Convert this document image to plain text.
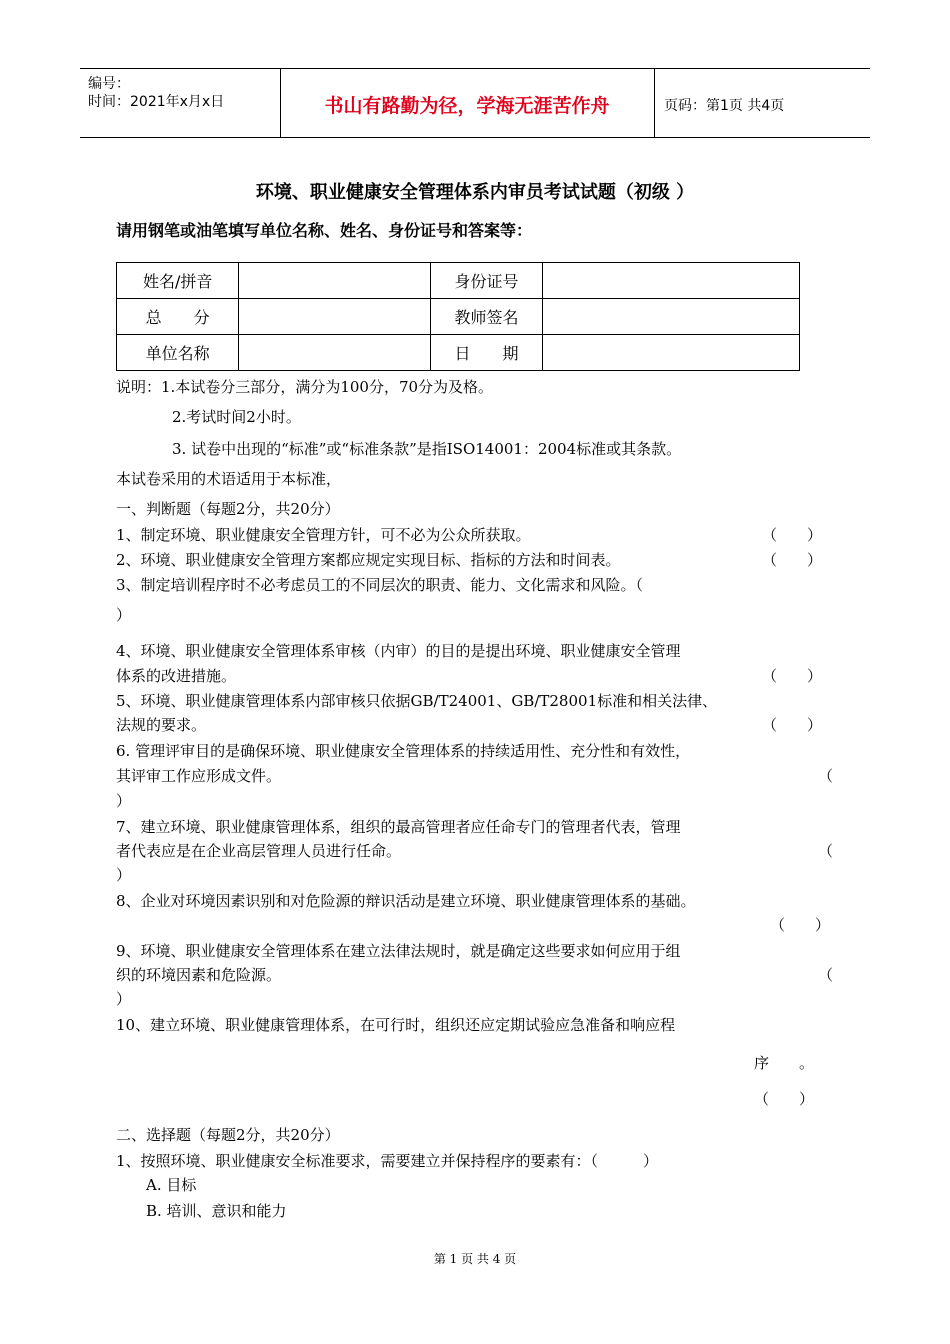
编号：
时间：2021年x月x日	书山有路勤为径，学海无涯苦作舟	页码：第1页 共4页
环境、职业健康安全管理体系内审员考试试题（初级 ）
请用钢笔或油笔填写单位名称、姓名、身份证号和答案等：
姓名/拼音		身份证号	
总　　分		教师签名	
单位名称		日　　期	
说明：1.本试卷分三部分，满分为100分，70分为及格。
2.考试时间2小时。
3. 试卷中出现的“标准”或“标准条款”是指ISO14001：2004标准或其条款。
本试卷采用的术语适用于本标准，
一、判断题（每题2分，共20分）
1、制定环境、职业健康安全管理方针，可不必为公众所获取。	（　　）
2、环境、职业健康安全管理方案都应规定实现目标、指标的方法和时间表。	（　　）
3、制定培训程序时不必考虑员工的不同层次的职责、能力、文化需求和风险。（
）
4、环境、职业健康安全管理体系审核（内审）的目的是提出环境、职业健康安全管理
体系的改进措施。	（　　）
5、环境、职业健康管理体系内部审核只依据GB/T24001、GB/T28001标准和相关法律、
法规的要求。	（　　）
6. 管理评审目的是确保环境、职业健康安全管理体系的持续适用性、充分性和有效性，
其评审工作应形成文件。	（
）
7、建立环境、职业健康管理体系，组织的最高管理者应任命专门的管理者代表，管理
者代表应是在企业高层管理人员进行任命。	（
）
8、企业对环境因素识别和对危险源的辩识活动是建立环境、职业健康管理体系的基础。
（　　）
9、环境、职业健康安全管理体系在建立法律法规时，就是确定这些要求如何应用于组
织的环境因素和危险源。	（
）
10、建立环境、职业健康管理体系，在可行时，组织还应定期试验应急准备和响应程
序　　。
（　　）
二、选择题（每题2分，共20分）
1、按照环境、职业健康安全标准要求，需要建立并保持程序的要素有：（　　　）
A. 目标
B. 培训、意识和能力
第 1 页 共 4 页
